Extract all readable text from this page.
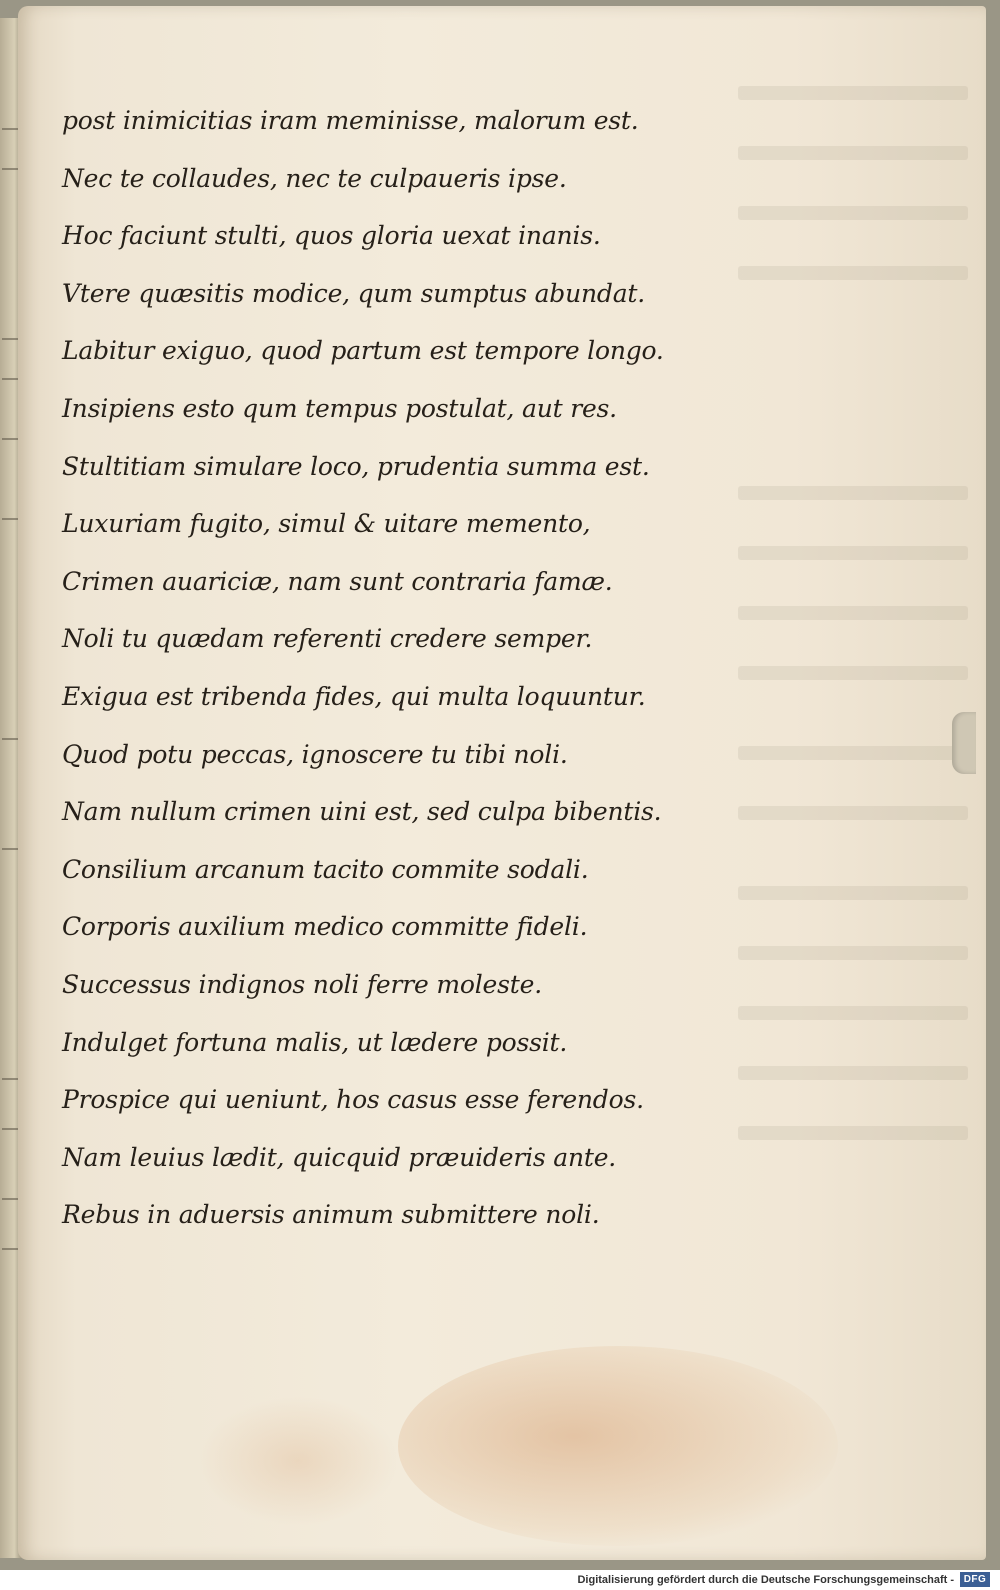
post inimicitias iram meminisse, malorum est.
Nec te collaudes, nec te culpaueris ipse.
Hoc faciunt stulti, quos gloria uexat inanis.
Vtere quæsitis modice, qum sumptus abundat.
Labitur exiguo, quod partum est tempore longo.
Insipiens esto qum tempus postulat, aut res.
Stultitiam simulare loco, prudentia summa est.
Luxuriam fugito, simul & uitare memento,
Crimen auariciæ, nam sunt contraria famæ.
Noli tu quædam referenti credere semper.
Exigua est tribenda fides, qui multa loquuntur.
Quod potu peccas, ignoscere tu tibi noli.
Nam nullum crimen uini est, sed culpa bibentis.
Consilium arcanum tacito commite sodali.
Corporis auxilium medico committe fideli.
Successus indignos noli ferre moleste.
Indulget fortuna malis, ut lædere possit.
Prospice qui ueniunt, hos casus esse ferendos.
Nam leuius lædit, quicquid præuideris ante.
Rebus in aduersis animum submittere noli.
Digitalisierung gefördert durch die Deutsche Forschungsgemeinschaft - DFG
